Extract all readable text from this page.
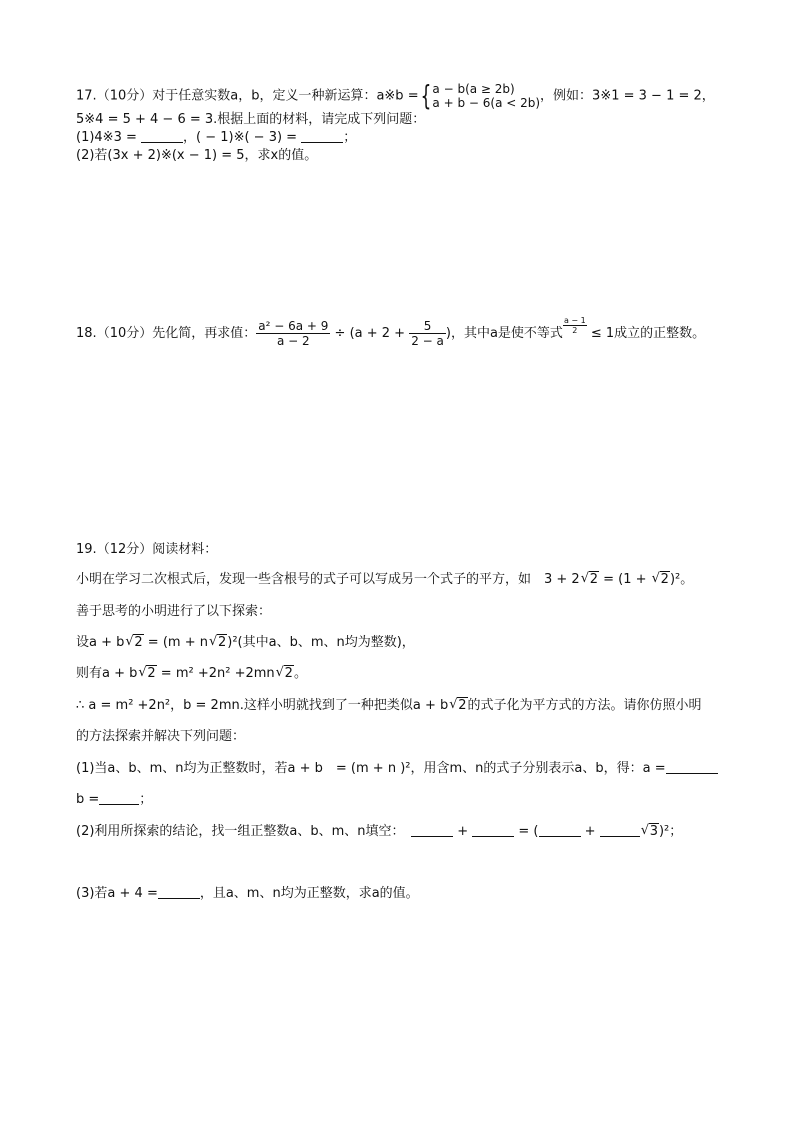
17.（10分）对于任意实数a，b，定义一种新运算：a※b ={ a − b(a ≥ 2b)
a + b − 6(a < 2b) ，例如：3※1 = 3 − 1 = 2，
5※4 = 5 + 4 − 6 = 3.根据上面的材料，请完成下列问题：
(1)4※3 =	，( − 1)※( − 3) =	；
(2)若(3x + 2)※(x − 1) = 5，求x的值。
18.（10分）先化简，再求值： $\frac{\text{a² − 6a + 9}}{a - 2} \div (a + 2 + \frac{5}{2 - a}$ )，其中a是使不等式 $\frac{a - 1}{2} \le 1$成立的正整数。
19.（12分）阅读材料：
小明在学习二次根式后，发现一些含根号的式子可以写成另一个式子的平方，如　3 + 2 √ 2 = (1 + √ 2)²。
善于思考的小明进行了以下探索：
设a + b √ 2 = (m + n √ 2)²(其中a、b、m、n均为整数)，
则有a + b √ 2 = m² +2n² +2mn √ 2。
∴ a = m² +2n²，b = 2mn.这样小明就找到了一种把类似a + b √ 2的式子化为平方式的方法。请你仿照小明
的方法探索并解决下列问题：
(1)当a、b、m、n均为正整数时，若a + b　= (m + n )²，用含m、n的式子分别表示a、b，得：a =
b =	；
(2)利用所探索的结论，找一组正整数a、b、m、n填空：　	+	= (	+	√ 3)²；
(3)若a + 4 =	，且a、m、n均为正整数，求a的值。
